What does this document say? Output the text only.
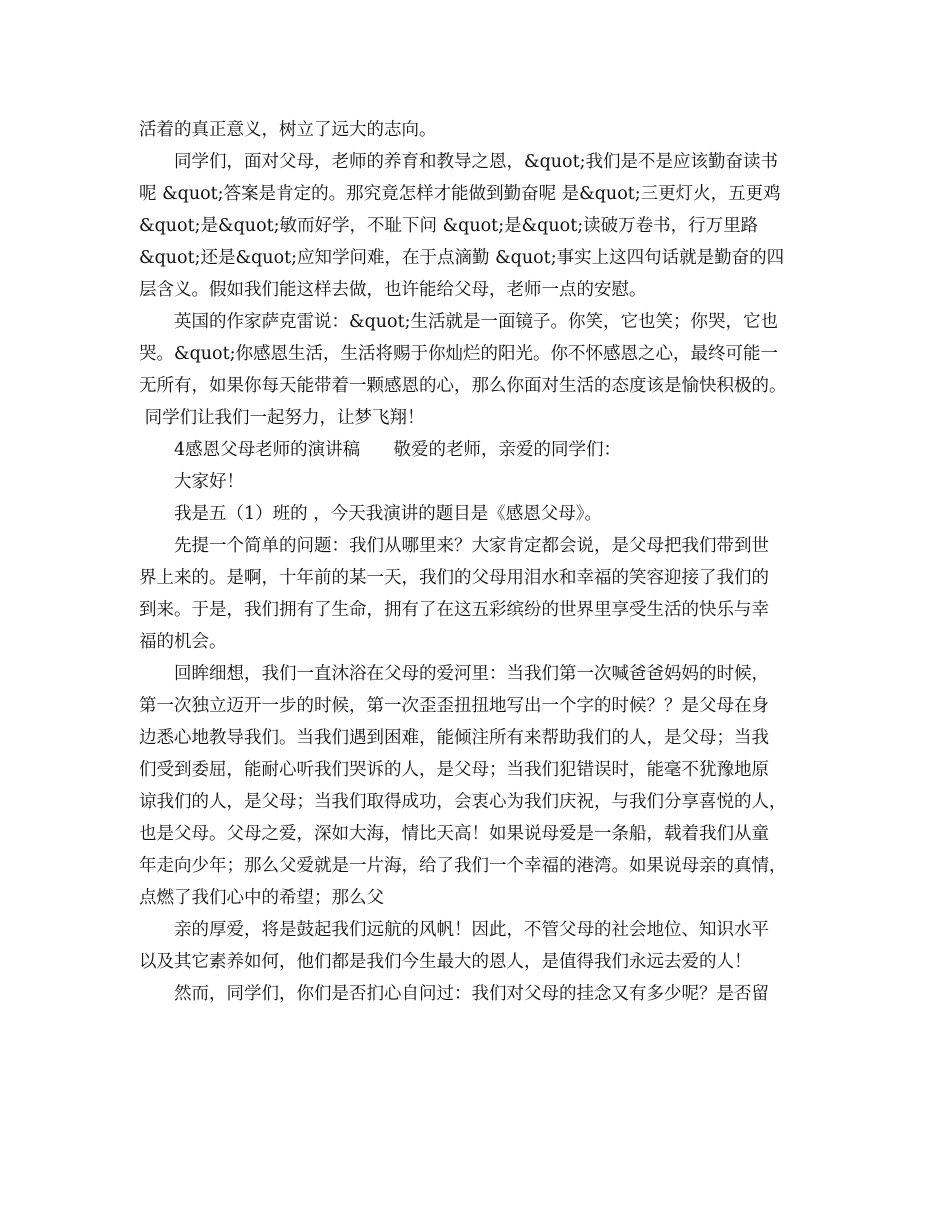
活着的真正意义，树立了远大的志向。

同学们，面对父母，老师的养育和教导之恩，&quot;我们是不是应该勤奋读书
呢 &quot;答案是肯定的。那究竟怎样才能做到勤奋呢 是&quot;三更灯火，五更鸡
&quot;是&quot;敏而好学，不耻下问 &quot;是&quot;读破万卷书，行万里路
&quot;还是&quot;应知学问难，在于点滴勤 &quot;事实上这四句话就是勤奋的四
层含义。假如我们能这样去做，也许能给父母，老师一点的安慰。

英国的作家萨克雷说：&quot;生活就是一面镜子。你笑，它也笑；你哭，它也
哭。&quot;你感恩生活，生活将赐于你灿烂的阳光。你不怀感恩之心，最终可能一
无所有，如果你每天能带着一颗感恩的心，那么你面对生活的态度该是愉快积极的。
同学们让我们一起努力，让梦飞翔！

4感恩父母老师的演讲稿      敬爱的老师，亲爱的同学们：

大家好！

我是五（1）班的 ，今天我演讲的题目是《感恩父母》。

先提一个简单的问题：我们从哪里来？大家肯定都会说，是父母把我们带到世
界上来的。是啊，十年前的某一天，我们的父母用泪水和幸福的笑容迎接了我们的
到来。于是，我们拥有了生命，拥有了在这五彩缤纷的世界里享受生活的快乐与幸
福的机会。

回眸细想，我们一直沐浴在父母的爱河里：当我们第一次喊爸爸妈妈的时候，
第一次独立迈开一步的时候，第一次歪歪扭扭地写出一个字的时候？？是父母在身
边悉心地教导我们。当我们遇到困难，能倾注所有来帮助我们的人，是父母；当我
们受到委屈，能耐心听我们哭诉的人，是父母；当我们犯错误时，能毫不犹豫地原
谅我们的人，是父母；当我们取得成功，会衷心为我们庆祝，与我们分享喜悦的人，
也是父母。父母之爱，深如大海，情比天高！如果说母爱是一条船，载着我们从童
年走向少年；那么父爱就是一片海，给了我们一个幸福的港湾。如果说母亲的真情，
点燃了我们心中的希望；那么父

亲的厚爱，将是鼓起我们远航的风帆！因此，不管父母的社会地位、知识水平
以及其它素养如何，他们都是我们今生最大的恩人，是值得我们永远去爱的人！

然而，同学们，你们是否扪心自问过：我们对父母的挂念又有多少呢？是否留
